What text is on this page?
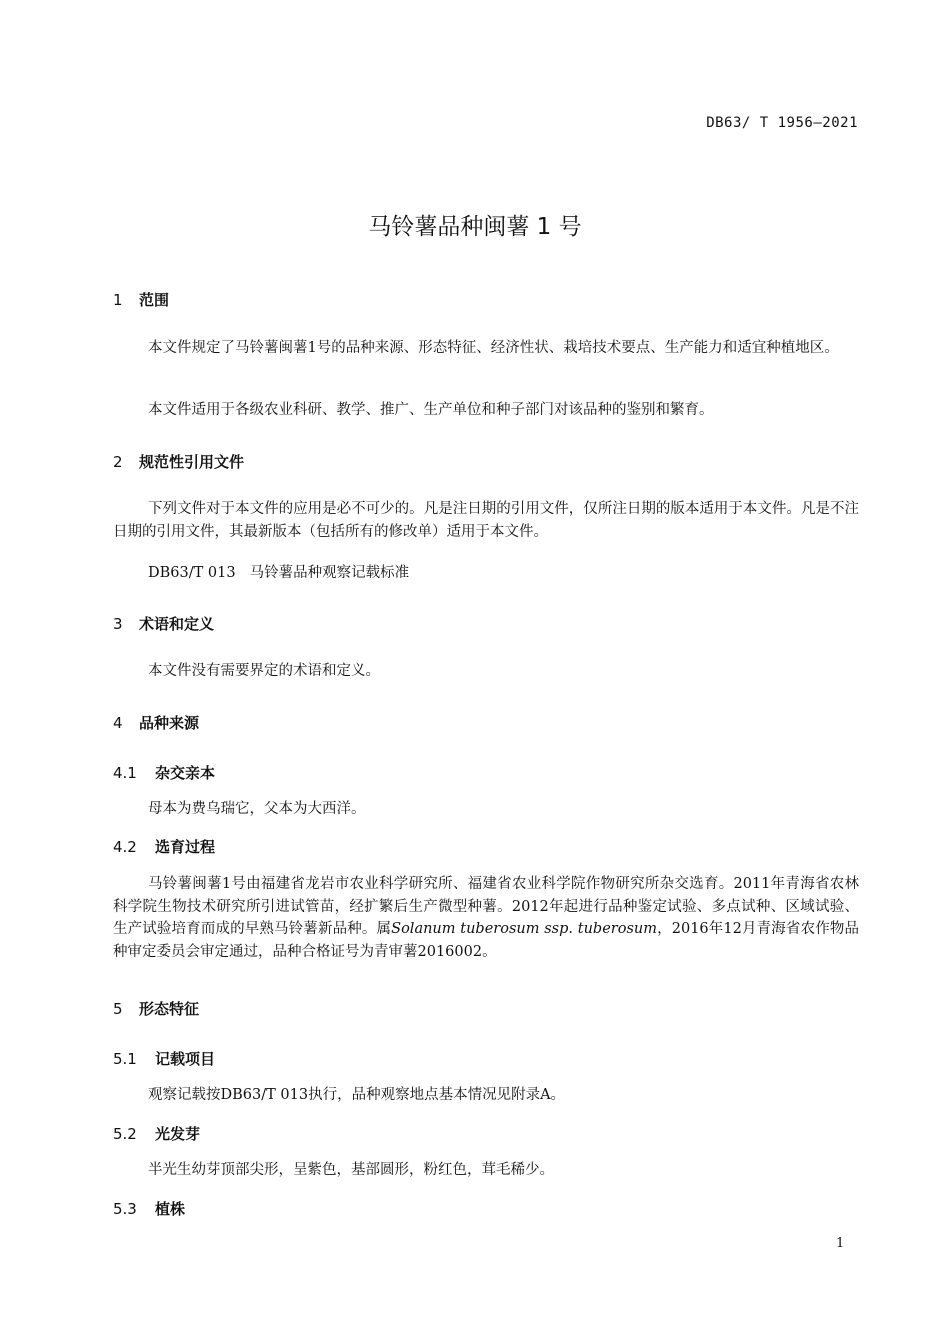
DB63/ T 1956—2021
马铃薯品种闽薯 1 号
1 范围
本文件规定了马铃薯闽薯1号的品种来源、形态特征、经济性状、栽培技术要点、生产能力和适宜种植地区。
本文件适用于各级农业科研、教学、推广、生产单位和种子部门对该品种的鉴别和繁育。
2 规范性引用文件
下列文件对于本文件的应用是必不可少的。凡是注日期的引用文件，仅所注日期的版本适用于本文件。凡是不注日期的引用文件，其最新版本（包括所有的修改单）适用于本文件。
DB63/T 013 马铃薯品种观察记载标准
3 术语和定义
本文件没有需要界定的术语和定义。
4 品种来源
4.1 杂交亲本
母本为费乌瑞它，父本为大西洋。
4.2 选育过程
马铃薯闽薯1号由福建省龙岩市农业科学研究所、福建省农业科学院作物研究所杂交选育。2011年青海省农林科学院生物技术研究所引进试管苗，经扩繁后生产微型种薯。2012年起进行品种鉴定试验、多点试种、区域试验、生产试验培育而成的早熟马铃薯新品种。属Solanum tuberosum ssp. tuberosum，2016年12月青海省农作物品种审定委员会审定通过，品种合格证号为青审薯2016002。
5 形态特征
5.1 记载项目
观察记载按DB63/T 013执行，品种观察地点基本情况见附录A。
5.2 光发芽
半光生幼芽顶部尖形，呈紫色，基部圆形，粉红色，茸毛稀少。
5.3 植株
1
